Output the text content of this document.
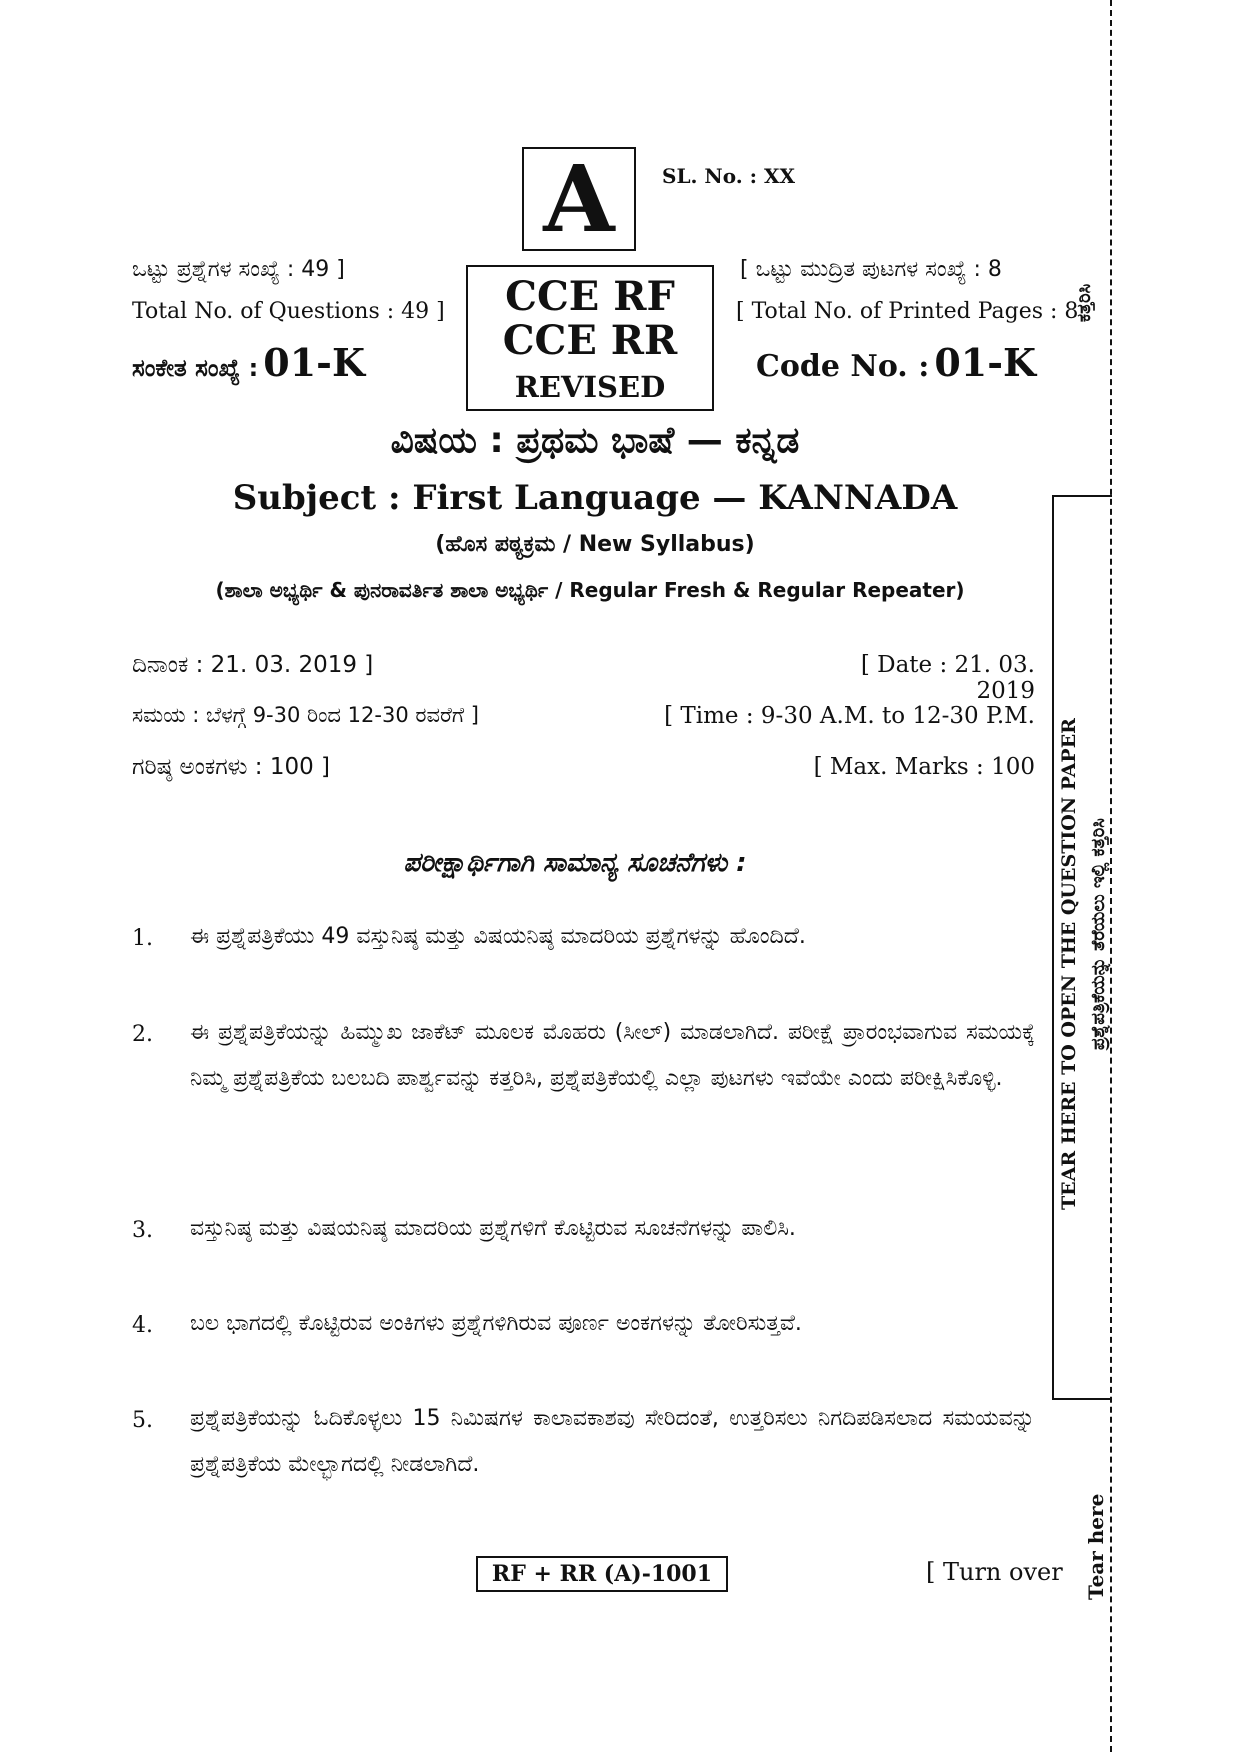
A SL. No. : XX
ಒಟ್ಟು ಪ್ರಶ್ನೆಗಳ ಸಂಖ್ಯೆ : 49 ]
Total No. of Questions : 49 ]
ಸಂಕೇತ ಸಂಖ್ಯೆ : 01-K
CCE RF
CCE RR
REVISED
[ ಒಟ್ಟು ಮುದ್ರಿತ ಪುಟಗಳ ಸಂಖ್ಯೆ : 8
[ Total No. of Printed Pages : 8
Code No. : 01-K
ವಿಷಯ : ಪ್ರಥಮ ಭಾಷೆ — ಕನ್ನಡ
Subject : First Language — KANNADA
(ಹೊಸ ಪಠ್ಯಕ್ರಮ / New Syllabus)
(ಶಾಲಾ ಅಭ್ಯರ್ಥಿ & ಪುನರಾವರ್ತಿತ ಶಾಲಾ ಅಭ್ಯರ್ಥಿ / Regular Fresh & Regular Repeater)
ದಿನಾಂಕ : 21. 03. 2019 ]	[ Date : 21. 03. 2019
ಸಮಯ : ಬೆಳಗ್ಗೆ 9-30 ರಿಂದ 12-30 ರವರೆಗೆ ]	[ Time : 9-30 A.M. to 12-30 P.M.
ಗರಿಷ್ಠ ಅಂಕಗಳು : 100 ]	[ Max. Marks : 100
ಪರೀಕ್ಷಾರ್ಥಿಗಾಗಿ ಸಾಮಾನ್ಯ ಸೂಚನೆಗಳು :
1. ಈ ಪ್ರಶ್ನೆಪತ್ರಿಕೆಯು 49 ವಸ್ತುನಿಷ್ಠ ಮತ್ತು ವಿಷಯನಿಷ್ಠ ಮಾದರಿಯ ಪ್ರಶ್ನೆಗಳನ್ನು ಹೊಂದಿದೆ.
2. ಈ ಪ್ರಶ್ನೆಪತ್ರಿಕೆಯನ್ನು ಹಿಮ್ಮುಖ ಜಾಕೆಟ್ ಮೂಲಕ ಮೊಹರು (ಸೀಲ್) ಮಾಡಲಾಗಿದೆ. ಪರೀಕ್ಷೆ ಪ್ರಾರಂಭವಾಗುವ ಸಮಯಕ್ಕೆ ನಿಮ್ಮ ಪ್ರಶ್ನೆಪತ್ರಿಕೆಯ ಬಲಬದಿ ಪಾರ್ಶ್ವವನ್ನು ಕತ್ತರಿಸಿ, ಪ್ರಶ್ನೆಪತ್ರಿಕೆಯಲ್ಲಿ ಎಲ್ಲಾ ಪುಟಗಳು ಇವೆಯೇ ಎಂದು ಪರೀಕ್ಷಿಸಿಕೊಳ್ಳಿ.
3. ವಸ್ತುನಿಷ್ಠ ಮತ್ತು ವಿಷಯನಿಷ್ಠ ಮಾದರಿಯ ಪ್ರಶ್ನೆಗಳಿಗೆ ಕೊಟ್ಟಿರುವ ಸೂಚನೆಗಳನ್ನು ಪಾಲಿಸಿ.
4. ಬಲ ಭಾಗದಲ್ಲಿ ಕೊಟ್ಟಿರುವ ಅಂಕಿಗಳು ಪ್ರಶ್ನೆಗಳಿಗಿರುವ ಪೂರ್ಣ ಅಂಕಗಳನ್ನು ತೋರಿಸುತ್ತವೆ.
5. ಪ್ರಶ್ನೆಪತ್ರಿಕೆಯನ್ನು ಓದಿಕೊಳ್ಳಲು 15 ನಿಮಿಷಗಳ ಕಾಲಾವಕಾಶವು ಸೇರಿದಂತೆ, ಉತ್ತರಿಸಲು ನಿಗದಿಪಡಿಸಲಾದ ಸಮಯವನ್ನು ಪ್ರಶ್ನೆಪತ್ರಿಕೆಯ ಮೇಲ್ಭಾಗದಲ್ಲಿ ನೀಡಲಾಗಿದೆ.
RF + RR (A)-1001	[ Turn over
ಕತ್ತರಿಸಿ
TEAR HERE TO OPEN THE QUESTION PAPER ಪ್ರಶ್ನೆಪತ್ರಿಕೆಯನ್ನು ತೆರೆಯಲು ಇಲ್ಲಿ ಕತ್ತರಿಸಿ
Tear here
